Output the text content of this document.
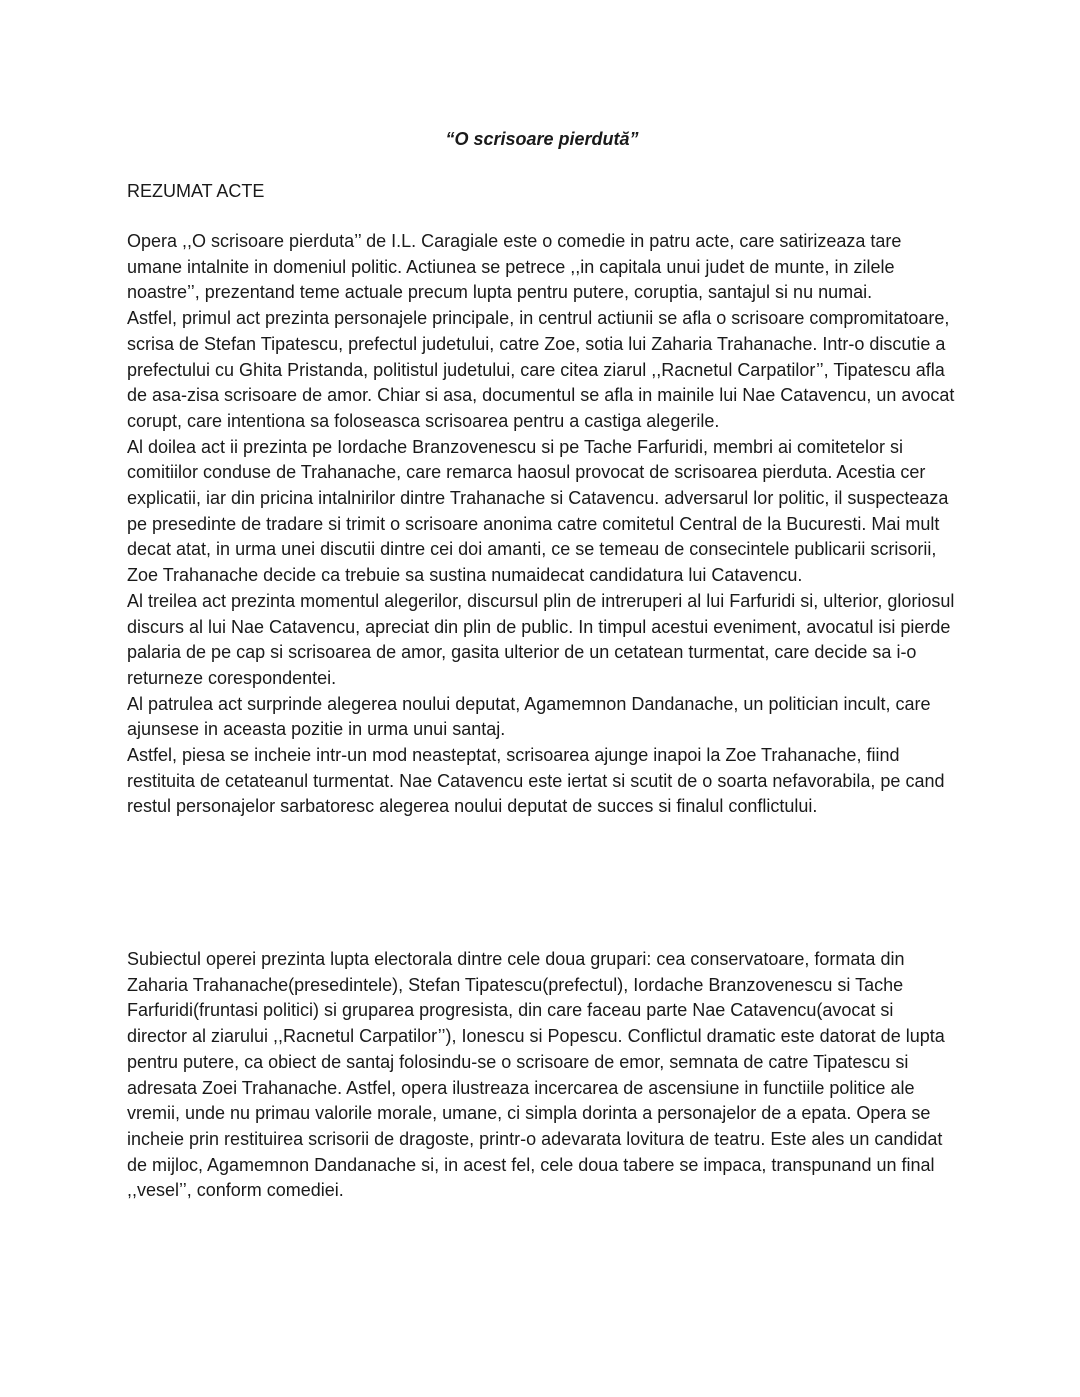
“O scrisoare pierdută”
REZUMAT ACTE

Opera ,,O scrisoare pierduta’’ de I.L. Caragiale este o comedie in patru acte, care satirizeaza tare umane intalnite in domeniul politic. Actiunea se petrece ,,in capitala unui judet de munte, in zilele noastre’’, prezentand teme actuale precum lupta pentru putere, coruptia, santajul si nu numai.

Astfel, primul act prezinta personajele principale, in centrul actiunii se afla o scrisoare compromitatoare, scrisa de Stefan Tipatescu, prefectul judetului, catre Zoe, sotia lui Zaharia Trahanache. Intr-o discutie a prefectului cu Ghita Pristanda, politistul judetului, care citea ziarul ,,Racnetul Carpatilor’’, Tipatescu afla de asa-zisa scrisoare de amor. Chiar si asa, documentul se afla in mainile lui Nae Catavencu, un avocat corupt, care intentiona sa foloseasca scrisoarea pentru a castiga alegerile.

Al doilea act ii prezinta pe Iordache Branzovenescu si pe Tache Farfuridi, membri ai comitetelor si comitiilor conduse de Trahanache, care remarca haosul provocat de scrisoarea pierduta. Acestia cer explicatii, iar din pricina intalnirilor dintre Trahanache si Catavencu. adversarul lor politic, il suspecteaza pe presedinte de tradare si trimit o scrisoare anonima catre comitetul Central de la Bucuresti. Mai mult decat atat, in urma unei discutii dintre cei doi amanti, ce se temeau de consecintele publicarii scrisorii, Zoe Trahanache decide ca trebuie sa sustina numaidecat candidatura lui Catavencu.

Al treilea act prezinta momentul alegerilor, discursul plin de intreruperi al lui Farfuridi si, ulterior, gloriosul discurs al lui Nae Catavencu, apreciat din plin de public. In timpul acestui eveniment, avocatul isi pierde palaria de pe cap si scrisoarea de amor, gasita ulterior de un cetatean turmentat, care decide sa i-o returneze corespondentei.

Al patrulea act surprinde alegerea noului deputat, Agamemnon Dandanache, un politician incult, care ajunsese in aceasta pozitie in urma unui santaj.

Astfel, piesa se incheie intr-un mod neasteptat, scrisoarea ajunge inapoi la Zoe Trahanache, fiind restituita de cetateanul turmentat. Nae Catavencu este iertat si scutit de o soarta nefavorabila, pe cand restul personajelor sarbatoresc alegerea noului deputat de succes si finalul conflictului.

Subiectul operei prezinta lupta electorala dintre cele doua grupari: cea conservatoare, formata din Zaharia Trahanache(presedintele), Stefan Tipatescu(prefectul), Iordache Branzovenescu si Tache Farfuridi(fruntasi politici) si gruparea progresista, din care faceau parte Nae Catavencu(avocat si director al ziarului ,,Racnetul Carpatilor’’), Ionescu si Popescu. Conflictul dramatic este datorat de lupta pentru putere, ca obiect de santaj folosindu-se o scrisoare de emor, semnata de catre Tipatescu si adresata Zoei Trahanache. Astfel, opera ilustreaza incercarea de ascensiune in functiile politice ale vremii, unde nu primau valorile morale, umane, ci simpla dorinta a personajelor de a epata. Opera se incheie prin restituirea scrisorii de dragoste, printr-o adevarata lovitura de teatru. Este ales un candidat de mijloc, Agamemnon Dandanache si, in acest fel, cele doua tabere se impaca, transpunand un final ,,vesel’’, conform comediei.
